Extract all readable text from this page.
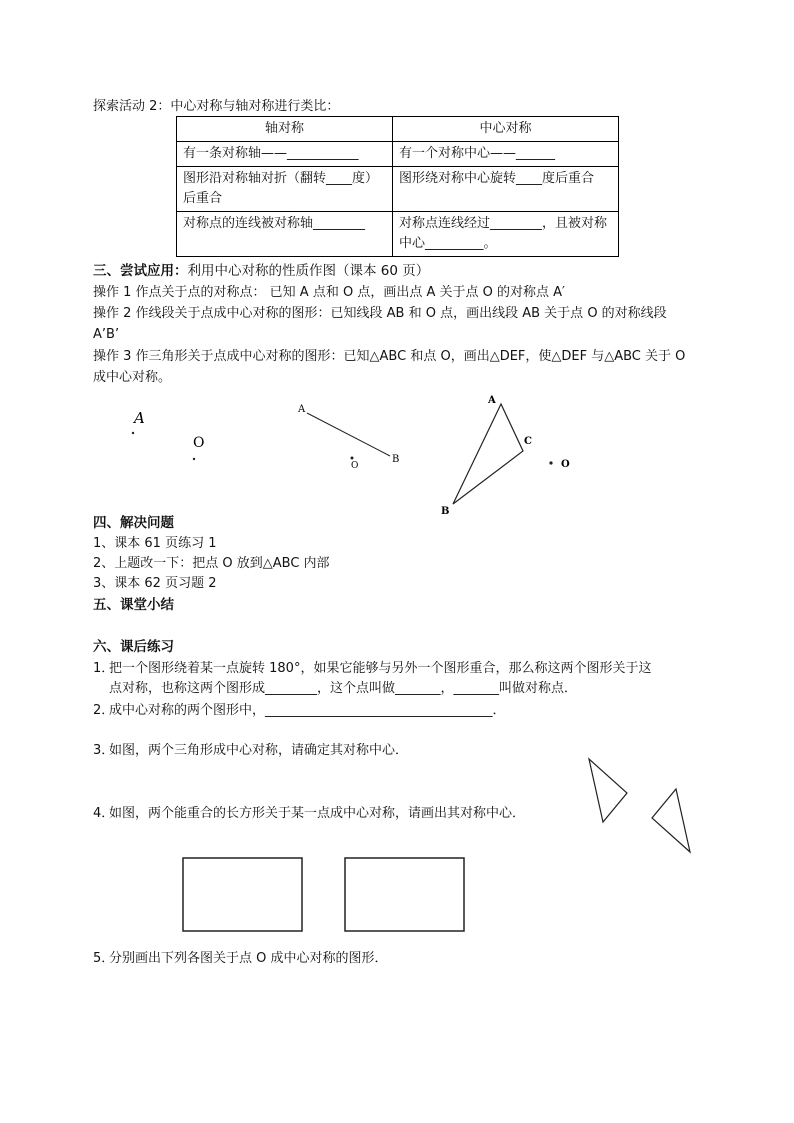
探索活动 2：中心对称与轴对称进行类比：
轴对称	中心对称
有一条对称轴——___________	有一个对称中心——______
图形沿对称轴对折（翻转____度）后重合	图形绕对称中心旋转____度后重合
对称点的连线被对称轴________	对称点连线经过________，且被对称中心_________。
三、尝试应用：利用中心对称的性质作图（课本 60 页）
操作 1 作点关于点的对称点： 已知 A 点和 O 点，画出点 A 关于点 O 的对称点 A′
操作 2 作线段关于点成中心对称的图形：已知线段 AB 和 O 点，画出线段 AB 关于点 O 的对称线段
A’B’
操作 3 作三角形关于点成中心对称的图形：已知△ABC 和点 O，画出△DEF，使△DEF 与△ABC 关于 O
成中心对称。
A
O
A
B
O
A
C
B
O
四、解决问题
1、课本 61 页练习 1
2、上题改一下：把点 O 放到△ABC 内部
3、课本 62 页习题 2
五、课堂小结
六、课后练习
1．把一个图形绕着某一点旋转 180°，如果它能够与另外一个图形重合，那么称这两个图形关于这
点对称，也称这两个图形成________，这个点叫做_______，_______叫做对称点．
2．成中心对称的两个图形中，___________________________________．
3．如图，两个三角形成中心对称，请确定其对称中心．
4．如图，两个能重合的长方形关于某一点成中心对称，请画出其对称中心．
5．分别画出下列各图关于点 O 成中心对称的图形．
